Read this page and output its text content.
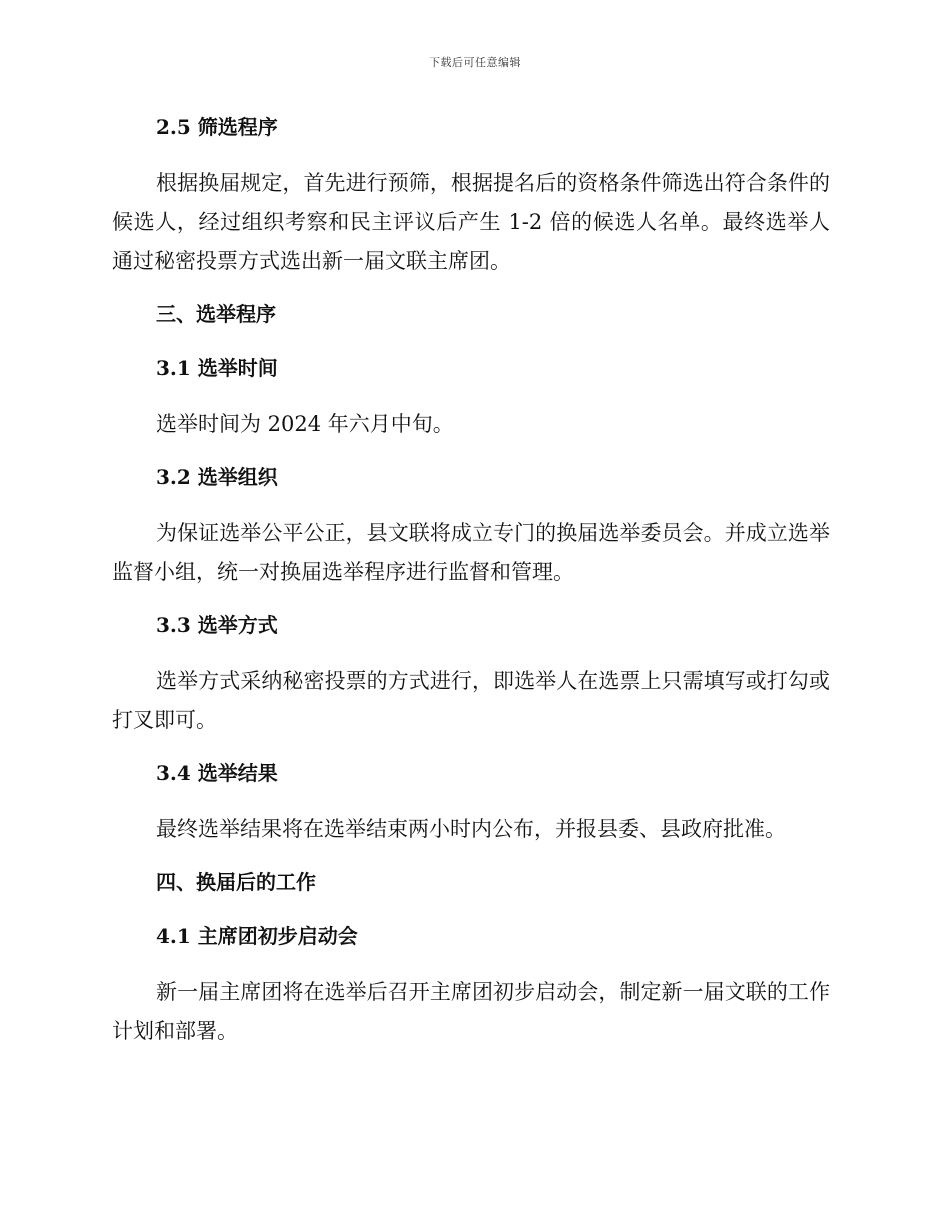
下载后可任意编辑
2.5 筛选程序
根据换届规定，首先进行预筛，根据提名后的资格条件筛选出符合条件的候选人，经过组织考察和民主评议后产生 1-2 倍的候选人名单。最终选举人通过秘密投票方式选出新一届文联主席团。
三、选举程序
3.1 选举时间
选举时间为 2024 年六月中旬。
3.2 选举组织
为保证选举公平公正，县文联将成立专门的换届选举委员会。并成立选举监督小组，统一对换届选举程序进行监督和管理。
3.3 选举方式
选举方式采纳秘密投票的方式进行，即选举人在选票上只需填写或打勾或打叉即可。
3.4 选举结果
最终选举结果将在选举结束两小时内公布，并报县委、县政府批准。
四、换届后的工作
4.1 主席团初步启动会
新一届主席团将在选举后召开主席团初步启动会，制定新一届文联的工作计划和部署。
